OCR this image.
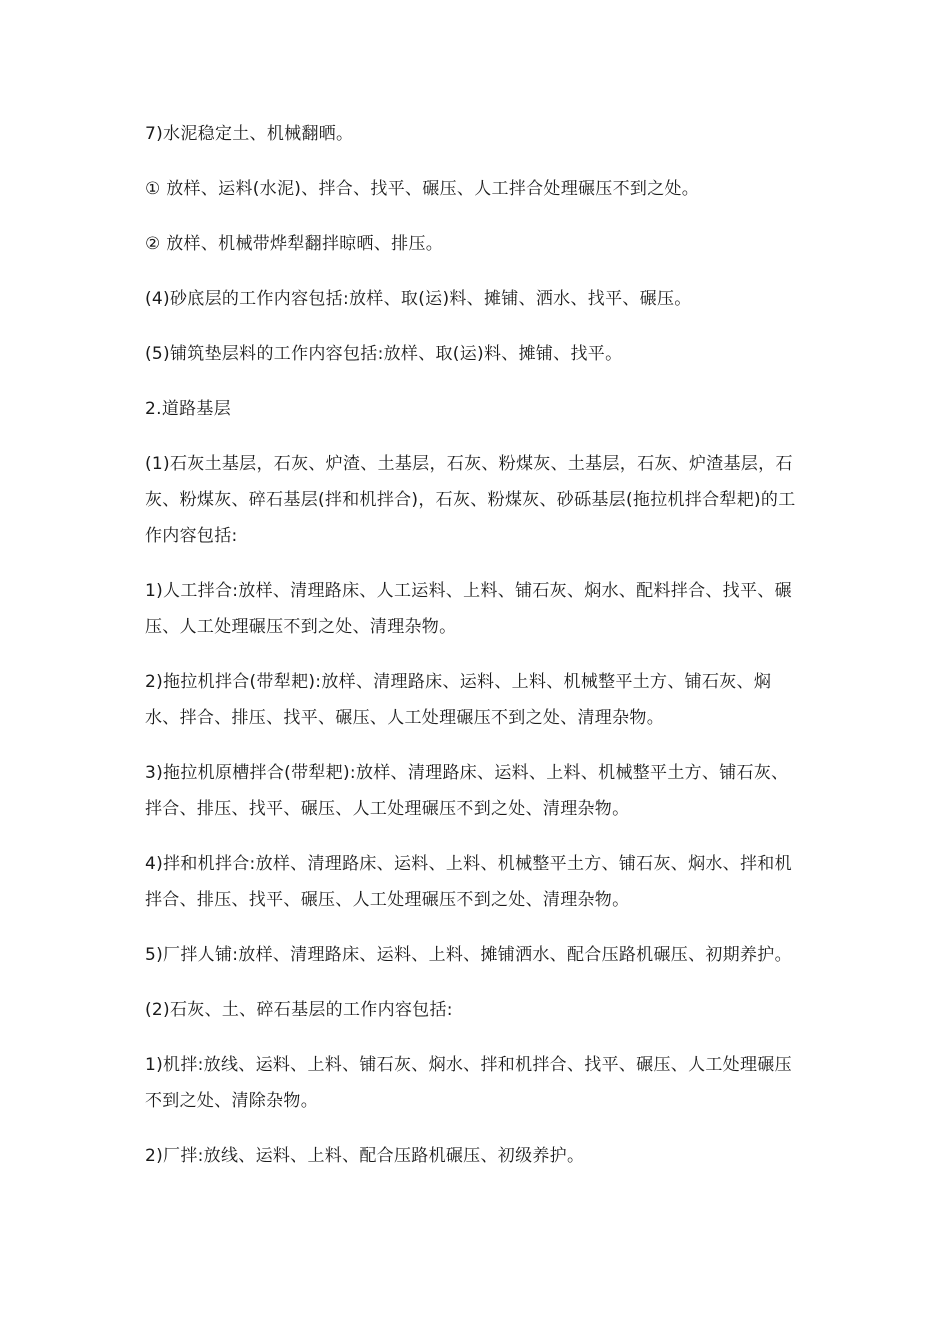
7)水泥稳定土、机械翻晒。

① 放样、运料(水泥)、拌合、找平、碾压、人工拌合处理碾压不到之处。

② 放样、机械带烨犁翻拌晾晒、排压。

(4)砂底层的工作内容包括:放样、取(运)料、摊铺、洒水、找平、碾压。

(5)铺筑垫层料的工作内容包括:放样、取(运)料、摊铺、找平。

2.道路基层

(1)石灰土基层，石灰、炉渣、土基层，石灰、粉煤灰、土基层，石灰、炉渣基层，石灰、粉煤灰、碎石基层(拌和机拌合)，石灰、粉煤灰、砂砾基层(拖拉机拌合犁耙)的工作内容包括:

1)人工拌合:放样、清理路床、人工运料、上料、铺石灰、焖水、配料拌合、找平、碾压、人工处理碾压不到之处、清理杂物。

2)拖拉机拌合(带犁耙):放样、清理路床、运料、上料、机械整平土方、铺石灰、焖水、拌合、排压、找平、碾压、人工处理碾压不到之处、清理杂物。

3)拖拉机原槽拌合(带犁耙):放样、清理路床、运料、上料、机械整平土方、铺石灰、拌合、排压、找平、碾压、人工处理碾压不到之处、清理杂物。

4)拌和机拌合:放样、清理路床、运料、上料、机械整平土方、铺石灰、焖水、拌和机拌合、排压、找平、碾压、人工处理碾压不到之处、清理杂物。

5)厂拌人铺:放样、清理路床、运料、上料、摊铺洒水、配合压路机碾压、初期养护。

(2)石灰、土、碎石基层的工作内容包括:

1)机拌:放线、运料、上料、铺石灰、焖水、拌和机拌合、找平、碾压、人工处理碾压不到之处、清除杂物。

2)厂拌:放线、运料、上料、配合压路机碾压、初级养护。
